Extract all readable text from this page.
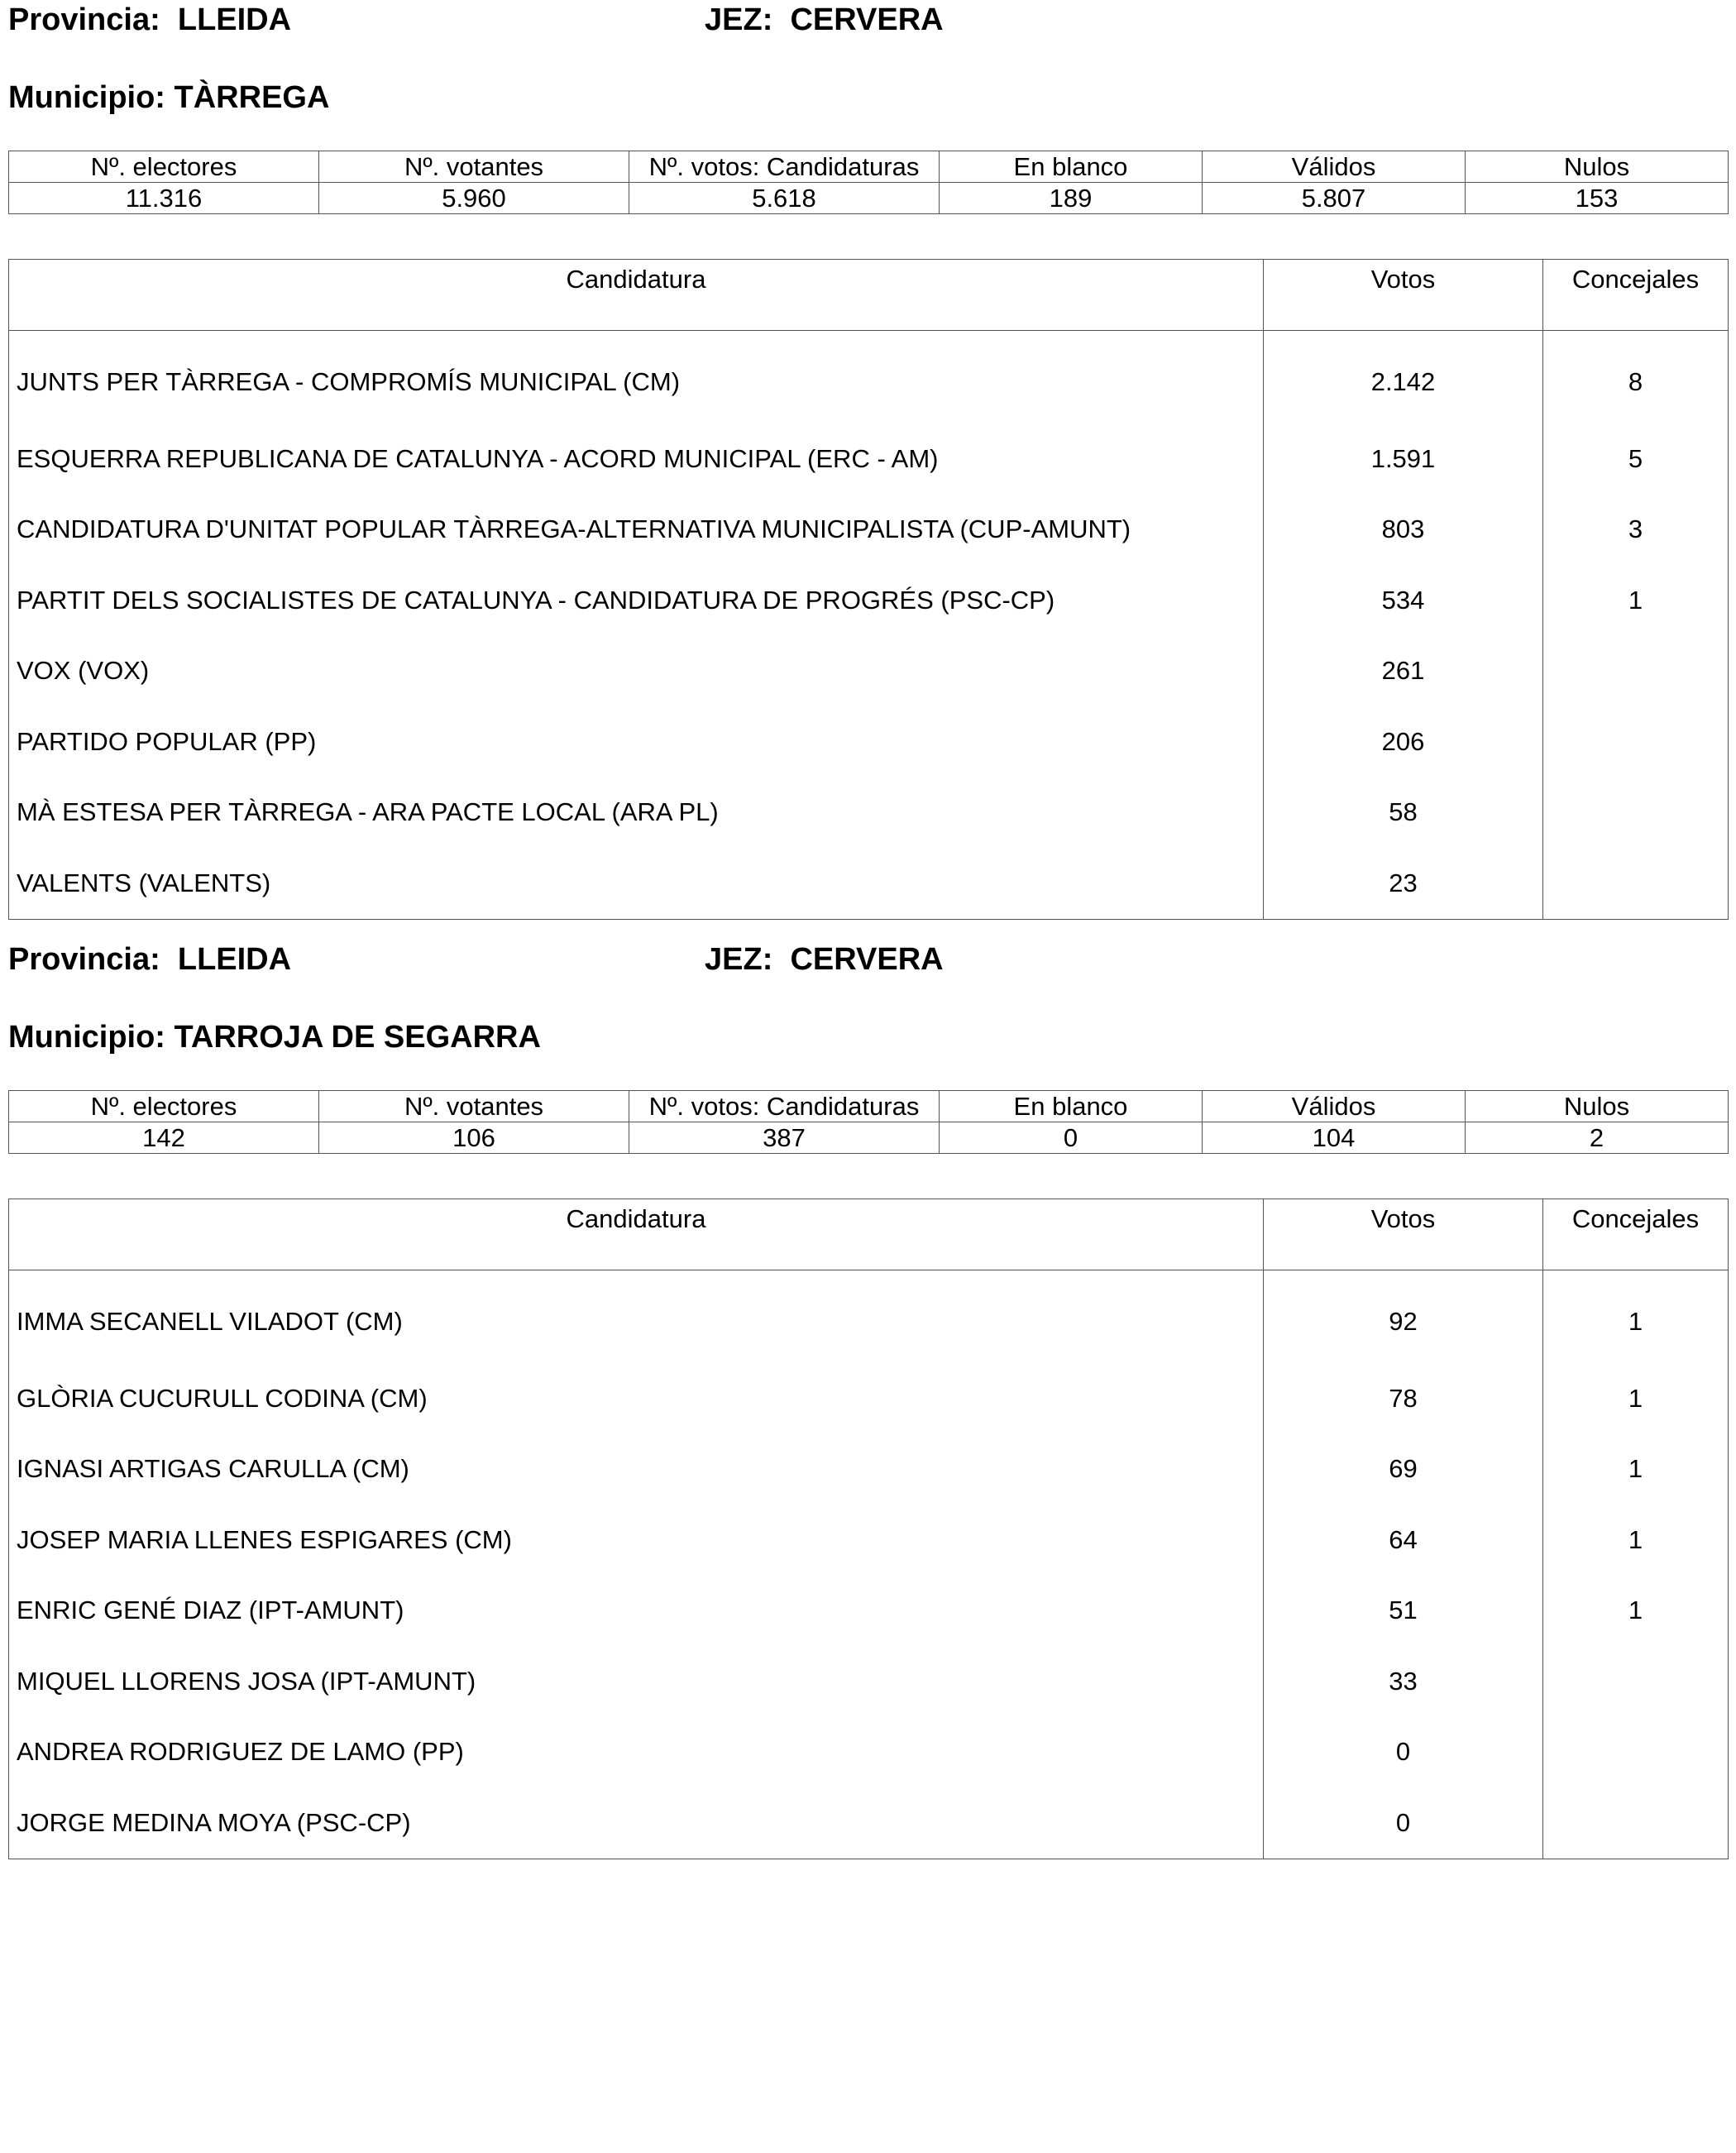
Provincia: LLEIDA	JEZ: CERVERA
Municipio: TÀRREGA
Nº. electores	Nº. votantes	Nº. votos: Candidaturas	En blanco	Válidos	Nulos
11.316	5.960	5.618	189	5.807	153
Candidatura	Votos	Concejales
JUNTS PER TÀRREGA - COMPROMÍS MUNICIPAL (CM)	2.142	8
ESQUERRA REPUBLICANA DE CATALUNYA - ACORD MUNICIPAL (ERC - AM)	1.591	5
CANDIDATURA D'UNITAT POPULAR TÀRREGA-ALTERNATIVA MUNICIPALISTA (CUP-AMUNT)	803	3
PARTIT DELS SOCIALISTES DE CATALUNYA - CANDIDATURA DE PROGRÉS (PSC-CP)	534	1
VOX (VOX)	261	
PARTIDO POPULAR (PP)	206	
MÀ ESTESA PER TÀRREGA - ARA PACTE LOCAL (ARA PL)	58	
VALENTS (VALENTS)	23	
Provincia: LLEIDA	JEZ: CERVERA
Municipio: TARROJA DE SEGARRA
Nº. electores	Nº. votantes	Nº. votos: Candidaturas	En blanco	Válidos	Nulos
142	106	387	0	104	2
Candidatura	Votos	Concejales
IMMA SECANELL VILADOT (CM)	92	1
GLÒRIA CUCURULL CODINA (CM)	78	1
IGNASI ARTIGAS CARULLA (CM)	69	1
JOSEP MARIA LLENES ESPIGARES (CM)	64	1
ENRIC GENÉ DIAZ (IPT-AMUNT)	51	1
MIQUEL LLORENS JOSA (IPT-AMUNT)	33	
ANDREA RODRIGUEZ DE LAMO (PP)	0	
JORGE MEDINA MOYA (PSC-CP)	0	
